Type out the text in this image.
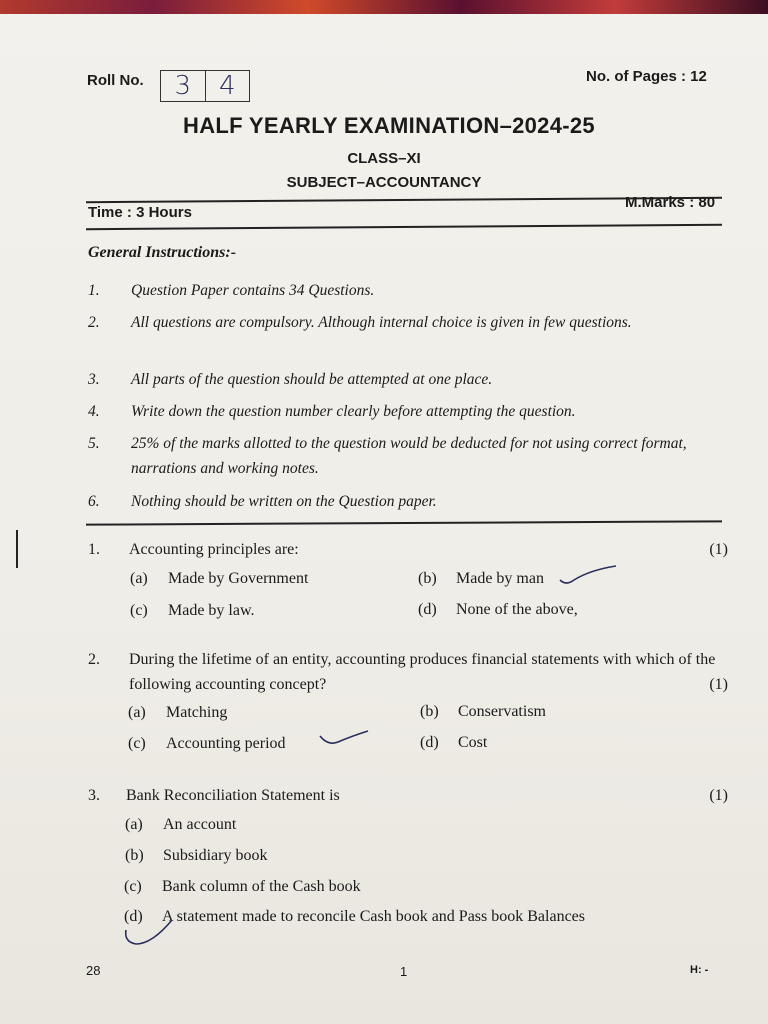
Roll No.	3	4	No. of Pages : 12
HALF YEARLY EXAMINATION–2024-25
CLASS–XI
SUBJECT–ACCOUNTANCY
Time : 3 Hours
M.Marks : 80
General Instructions:-
1. Question Paper contains 34 Questions.
2. All questions are compulsory. Although internal choice is given in few questions.
3. All parts of the question should be attempted at one place.
4. Write down the question number clearly before attempting the question.
5. 25% of the marks allotted to the question would be deducted for not using correct format, narrations and working notes.
6. Nothing should be written on the Question paper.
1. Accounting principles are:	(1)
(a) Made by Government	(b) Made by man
(c) Made by law.	(d) None of the above,
2. During the lifetime of an entity, accounting produces financial statements with which of the following accounting concept?	(1)
(a) Matching	(b) Conservatism
(c) Accounting period	(d) Cost
3. Bank Reconciliation Statement is	(1)
(a) An account
(b) Subsidiary book
(c) Bank column of the Cash book
(d) A statement made to reconcile Cash book and Pass book Balances
28	1	H: -
